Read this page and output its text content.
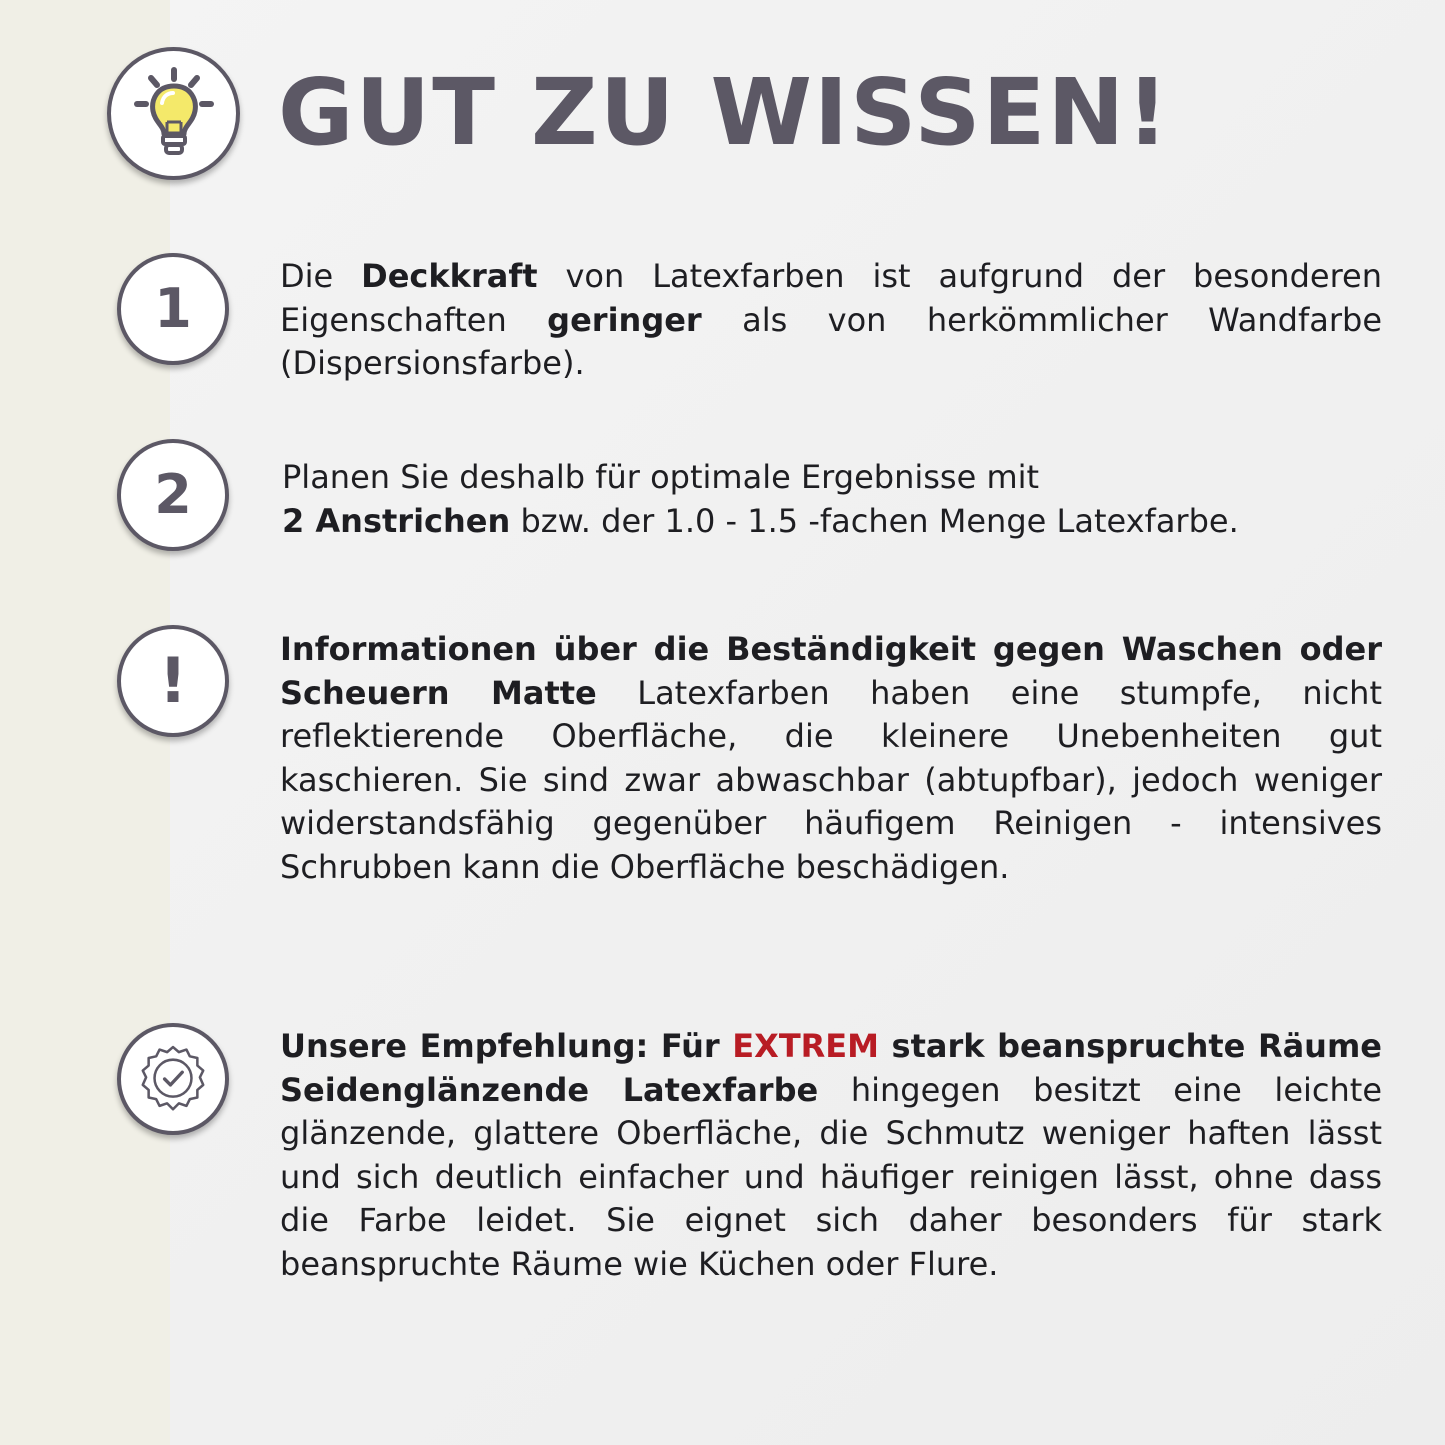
GUT ZU WISSEN!
1

Die Deckkraft von Latexfarben ist aufgrund der besonderen Eigenschaften geringer als von herkömmlicher Wandfarbe (Dispersionsfarbe).

2	Planen Sie deshalb für optimale Ergebnisse mit
2 Anstrichen bzw. der 1.0 - 1.5 -fachen Menge Latexfarbe.

!	Informationen über die Beständigkeit gegen Waschen oder Scheuern Matte Latexfarben haben eine stumpfe, nicht reflektierende Oberfläche, die kleinere Unebenheiten gut kaschieren. Sie sind zwar abwaschbar (abtupfbar), jedoch weniger widerstandsfähig gegenüber häufigem Reinigen - intensives Schrubben kann die Oberfläche beschädigen.

Unsere Empfehlung: Für EXTREM stark beanspruchte Räume Seidenglänzende Latexfarbe hingegen besitzt eine leichte glänzende, glattere Oberfläche, die Schmutz weniger haften lässt und sich deutlich einfacher und häufiger reinigen lässt, ohne dass die Farbe leidet. Sie eignet sich daher besonders für stark beanspruchte Räume wie Küchen oder Flure.
